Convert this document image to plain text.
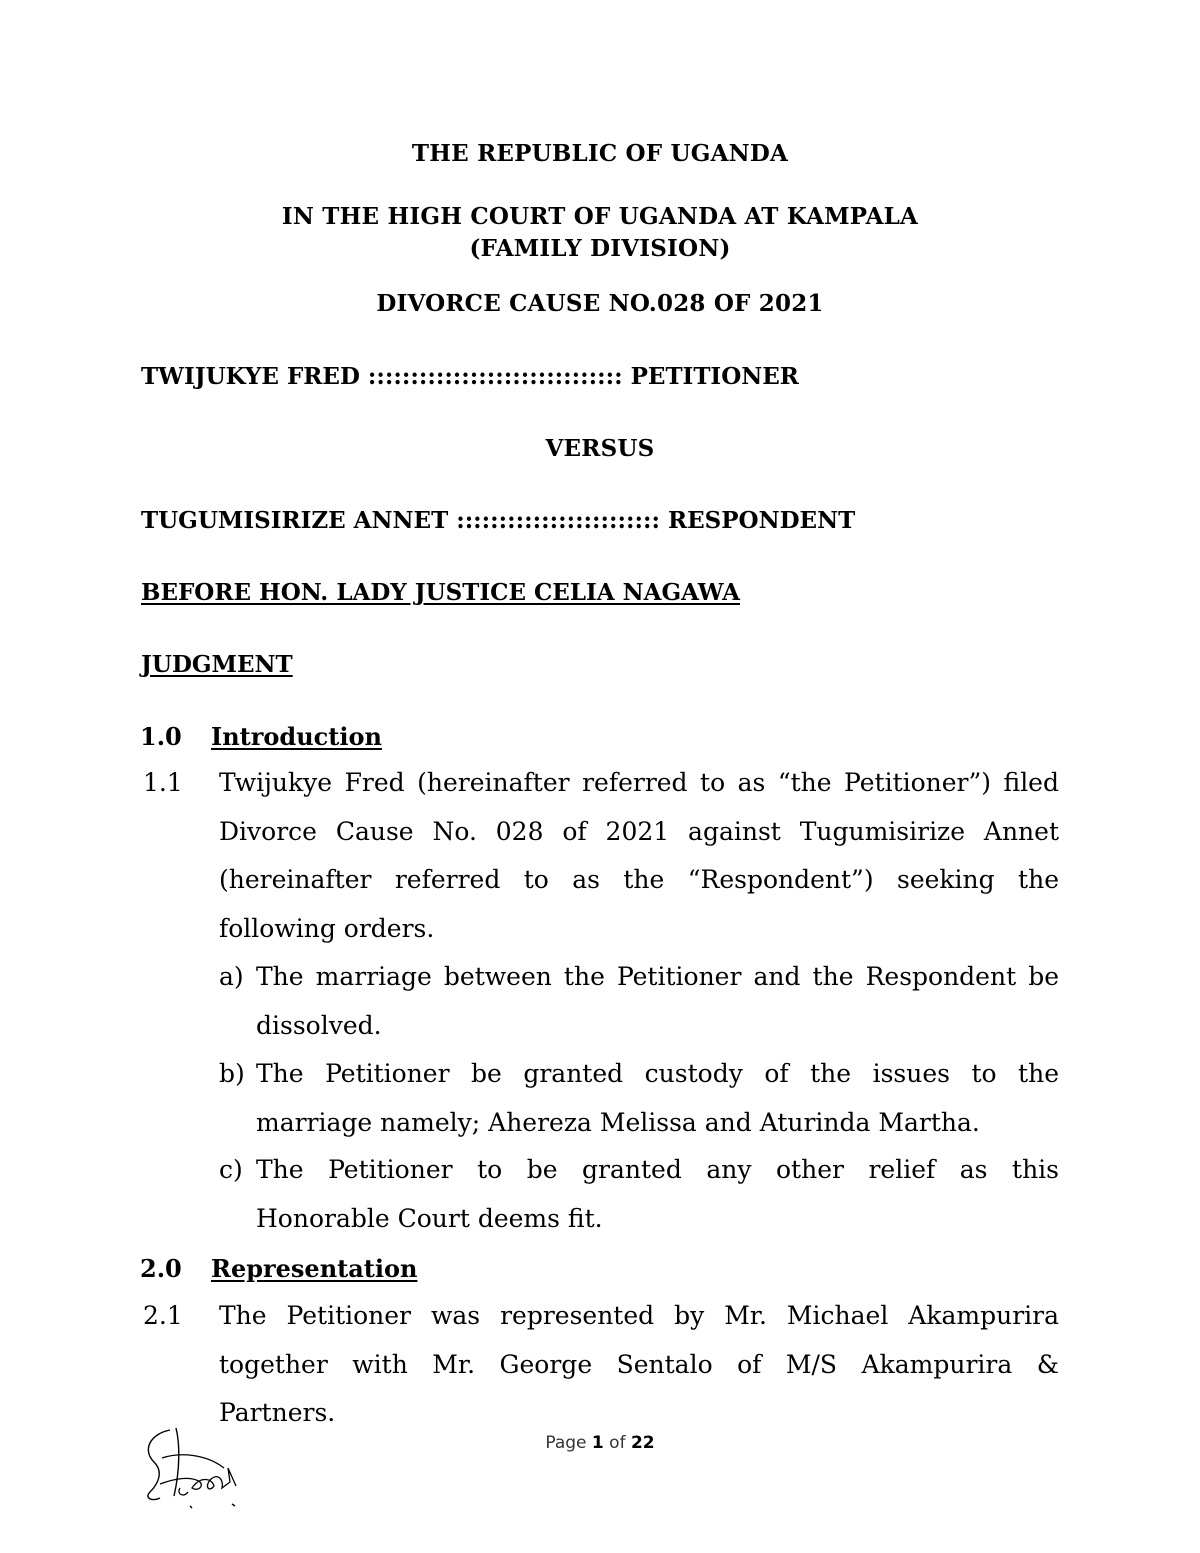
THE REPUBLIC OF UGANDA
IN THE HIGH COURT OF UGANDA AT KAMPALA
(FAMILY DIVISION)
DIVORCE CAUSE NO.028 OF 2021
TWIJUKYE FRED :::::::::::::::::::::::::::::: PETITIONER
VERSUS
TUGUMISIRIZE ANNET :::::::::::::::::::::::: RESPONDENT
BEFORE HON. LADY JUSTICE CELIA NAGAWA
JUDGMENT
1.0 Introduction
1.1 Twijukye Fred (hereinafter referred to as “the Petitioner”) filed
Divorce Cause No. 028 of 2021 against Tugumisirize Annet
(hereinafter referred to as the “Respondent”) seeking the
following orders.
a) The marriage between the Petitioner and the Respondent be
dissolved.
b) The Petitioner be granted custody of the issues to the
marriage namely; Ahereza Melissa and Aturinda Martha.
c) The Petitioner to be granted any other relief as this
Honorable Court deems fit.
2.0 Representation
2.1 The Petitioner was represented by Mr. Michael Akampurira
together with Mr. George Sentalo of M/S Akampurira &
Partners.
Page 1 of 22
